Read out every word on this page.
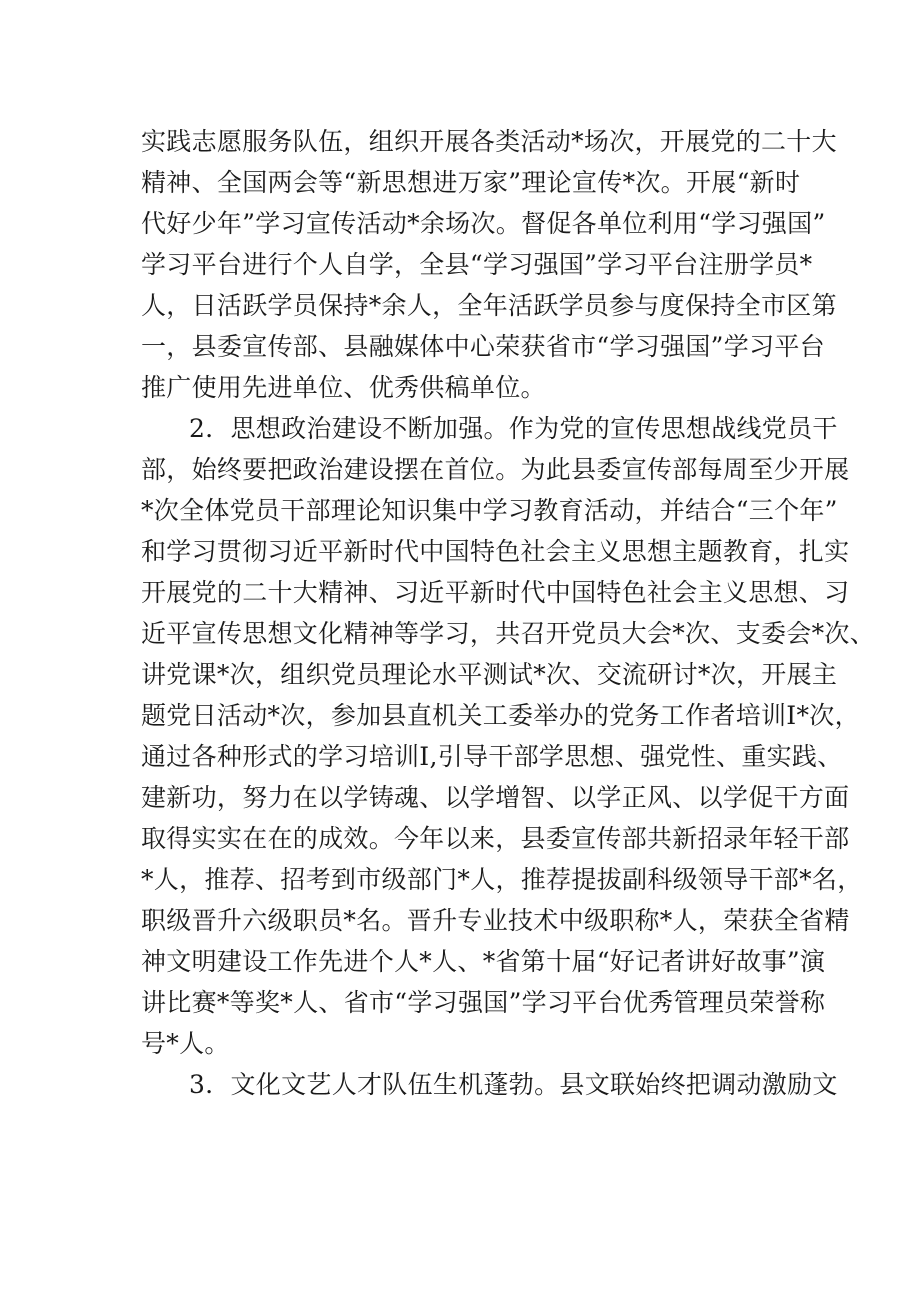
实践志愿服务队伍，组织开展各类活动*场次，开展党的二十大
精神、全国两会等“新思想进万家”理论宣传*次。开展“新时
代好少年”学习宣传活动*余场次。督促各单位利用“学习强国”
学习平台进行个人自学，全县“学习强国”学习平台注册学员*
人，日活跃学员保持*余人，全年活跃学员参与度保持全市区第
一，县委宣传部、县融媒体中心荣获省市“学习强国”学习平台
推广使用先进单位、优秀供稿单位。
2．思想政治建设不断加强。作为党的宣传思想战线党员干
部，始终要把政治建设摆在首位。为此县委宣传部每周至少开展
*次全体党员干部理论知识集中学习教育活动，并结合“三个年”
和学习贯彻习近平新时代中国特色社会主义思想主题教育，扎实
开展党的二十大精神、习近平新时代中国特色社会主义思想、习
近平宣传思想文化精神等学习，共召开党员大会*次、支委会*次、
讲党课*次，组织党员理论水平测试*次、交流研讨*次，开展主
题党日活动*次，参加县直机关工委举办的党务工作者培训I*次，
通过各种形式的学习培训I,引导干部学思想、强党性、重实践、
建新功，努力在以学铸魂、以学增智、以学正风、以学促干方面
取得实实在在的成效。今年以来，县委宣传部共新招录年轻干部
*人，推荐、招考到市级部门*人，推荐提拔副科级领导干部*名，
职级晋升六级职员*名。晋升专业技术中级职称*人，荣获全省精
神文明建设工作先进个人*人、*省第十届“好记者讲好故事”演
讲比赛*等奖*人、省市“学习强国”学习平台优秀管理员荣誉称
号*人。
3．文化文艺人才队伍生机蓬勃。县文联始终把调动激励文
